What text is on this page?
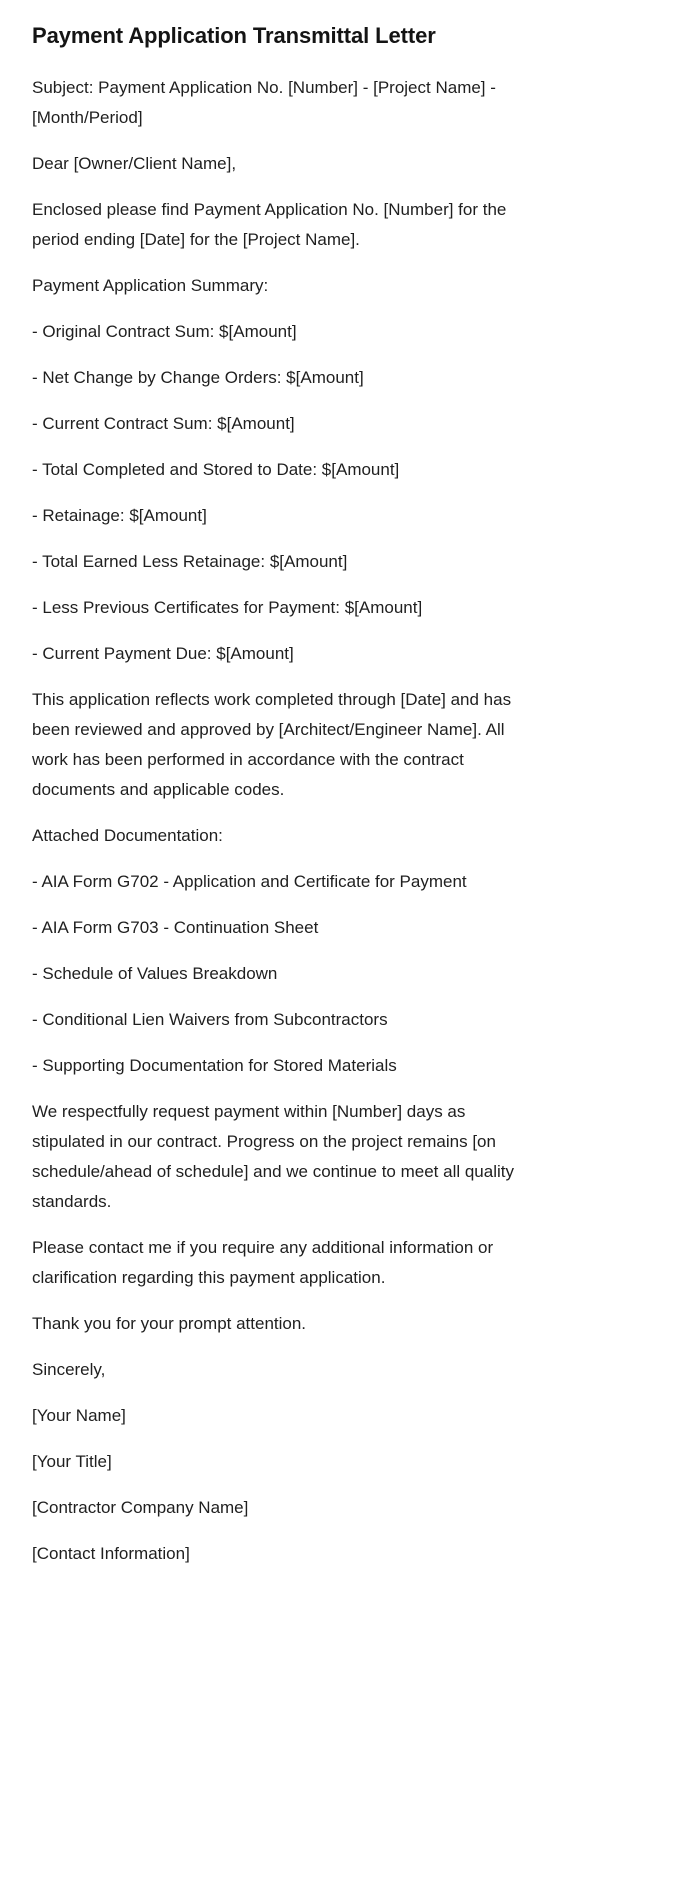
Payment Application Transmittal Letter

Subject: Payment Application No. [Number] - [Project Name] - [Month/Period]

Dear [Owner/Client Name],

Enclosed please find Payment Application No. [Number] for the period ending [Date] for the [Project Name].

Payment Application Summary:

- Original Contract Sum: $[Amount]

- Net Change by Change Orders: $[Amount]

- Current Contract Sum: $[Amount]

- Total Completed and Stored to Date: $[Amount]

- Retainage: $[Amount]

- Total Earned Less Retainage: $[Amount]

- Less Previous Certificates for Payment: $[Amount]

- Current Payment Due: $[Amount]

This application reflects work completed through [Date] and has been reviewed and approved by [Architect/Engineer Name]. All work has been performed in accordance with the contract documents and applicable codes.

Attached Documentation:

- AIA Form G702 - Application and Certificate for Payment

- AIA Form G703 - Continuation Sheet

- Schedule of Values Breakdown

- Conditional Lien Waivers from Subcontractors

- Supporting Documentation for Stored Materials

We respectfully request payment within [Number] days as stipulated in our contract. Progress on the project remains [on schedule/ahead of schedule] and we continue to meet all quality standards.

Please contact me if you require any additional information or clarification regarding this payment application.

Thank you for your prompt attention.

Sincerely,

[Your Name]

[Your Title]

[Contractor Company Name]

[Contact Information]
